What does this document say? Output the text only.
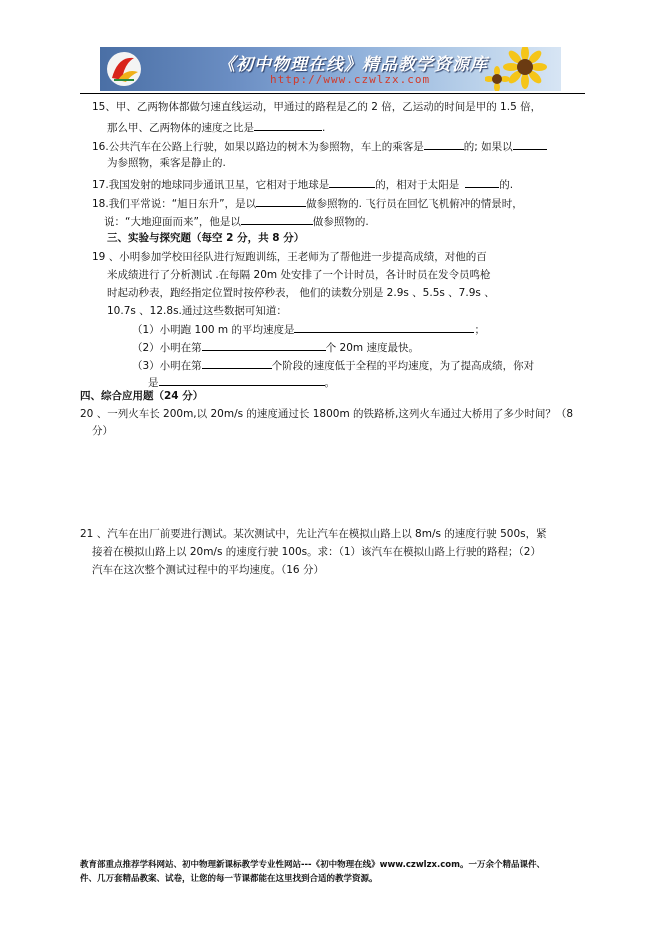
《初中物理在线》精品教学资源库
http://www.czwlzx.com
15、甲、乙两物体都做匀速直线运动，甲通过的路程是乙的 2 倍，乙运动的时间是甲的 1.5 倍，
那么甲、乙两物体的速度之比是	.
16.公共汽车在公路上行驶，如果以路边的树木为参照物，车上的乘客是	的; 如果以
为参照物，乘客是静止的.
17.我国发射的地球同步通讯卫星，它相对于地球是	的，相对于太阳是	的.
18.我们平常说：“旭日东升”，是以	做参照物的. 飞行员在回忆飞机俯冲的情景时，
说：“大地迎面而来”，他是以	做参照物的.
三、实验与探究题（每空 2 分，共 8 分）
19 、小明参加学校田径队进行短跑训练，王老师为了帮他进一步提高成绩，对他的百
米成绩进行了分析测试 .在每隔 20m 处安排了一个计时员，各计时员在发令员鸣枪
时起动秒表，跑经指定位置时按停秒表， 他们的读数分别是 2.9s 、5.5s 、7.9s 、
10.7s 、12.8s.通过这些数据可知道：
（1）小明跑 100 m 的平均速度是	；
（2）小明在第	个 20m 速度最快。
（3）小明在第	个阶段的速度低于全程的平均速度，为了提高成绩，你对
是	。
四、综合应用题（24 分）
20 、一列火车长 200m,以 20m/s 的速度通过长 1800m 的铁路桥,这列火车通过大桥用了多少时间？（8
分）
21 、汽车在出厂前要进行测试。某次测试中，先让汽车在模拟山路上以 8m/s 的速度行驶 500s，紧
接着在模拟山路上以 20m/s 的速度行驶 100s。求：（1）该汽车在模拟山路上行驶的路程；（2）
汽车在这次整个测试过程中的平均速度。（16 分）
教育部重点推荐学科网站、初中物理新课标教学专业性网站---《初中物理在线》www.czwlzx.com。一万余个精品课件、
件、几万套精品教案、试卷，让您的每一节课都能在这里找到合适的教学资源。
